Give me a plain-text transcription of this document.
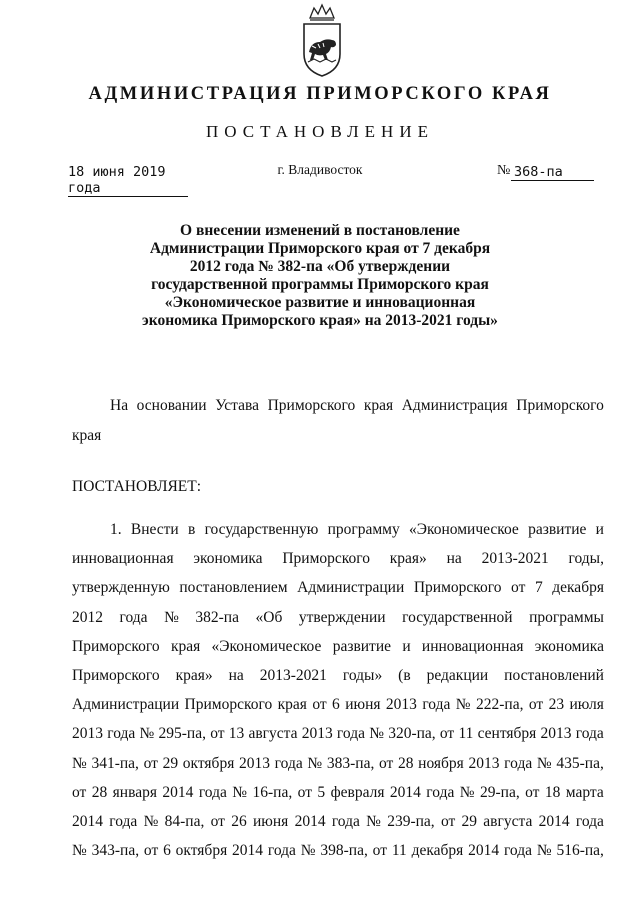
АДМИНИСТРАЦИЯ ПРИМОРСКОГО КРАЯ
ПОСТАНОВЛЕНИЕ
18 июня 2019 года
г. Владивосток	№ 368-па
О внесении изменений в постановление
Администрации Приморского края от 7 декабря
2012 года № 382-па «Об утверждении
государственной программы Приморского края
«Экономическое развитие и инновационная
экономика Приморского края» на 2013-2021 годы»
На основании Устава Приморского края Администрация Приморского
края
ПОСТАНОВЛЯЕТ:
1. Внести в государственную программу «Экономическое развитие и
инновационная экономика Приморского края» на 2013-2021 годы,
утвержденную постановлением Администрации Приморского от 7 декабря
2012 года № 382-па «Об утверждении государственной программы
Приморского края «Экономическое развитие и инновационная экономика
Приморского края» на 2013-2021 годы» (в редакции постановлений
Администрации Приморского края от 6 июня 2013 года № 222-па, от 23 июля
2013 года № 295-па, от 13 августа 2013 года № 320-па, от 11 сентября 2013 года
№ 341-па, от 29 октября 2013 года № 383-па, от 28 ноября 2013 года № 435-па,
от 28 января 2014 года № 16-па, от 5 февраля 2014 года № 29-па, от 18 марта
2014 года № 84-па, от 26 июня 2014 года № 239-па, от 29 августа 2014 года
№ 343-па, от 6 октября 2014 года № 398-па, от 11 декабря 2014 года № 516-па,
